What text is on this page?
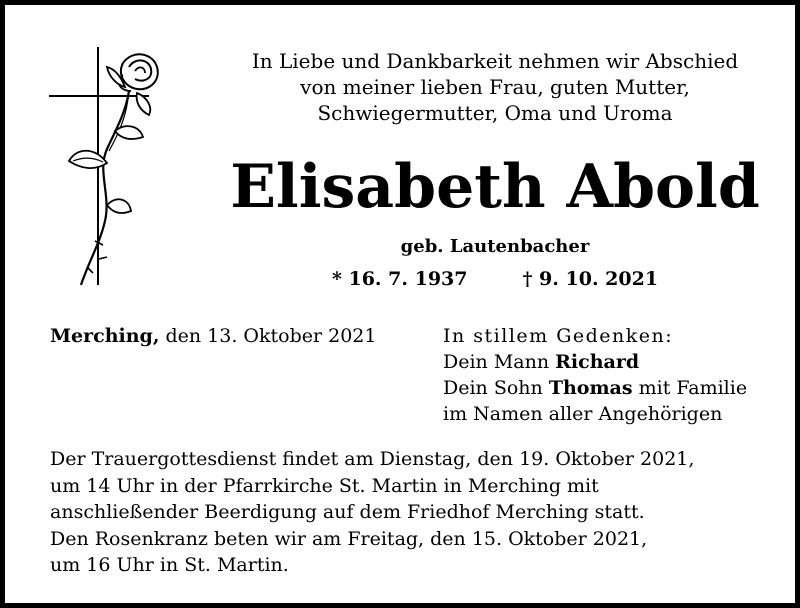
In Liebe und Dankbarkeit nehmen wir Abschied
von meiner lieben Frau, guten Mutter,
Schwiegermutter, Oma und Uroma
Elisabeth Abold
geb. Lautenbacher
* 16. 7. 1937	† 9. 10. 2021
Merching, den 13. Oktober 2021	In stillem Gedenken:
Dein Mann Richard
Dein Sohn Thomas mit Familie
im Namen aller Angehörigen
Der Trauergottesdienst findet am Dienstag, den 19. Oktober 2021,
um 14 Uhr in der Pfarrkirche St. Martin in Merching mit
anschließender Beerdigung auf dem Friedhof Merching statt.
Den Rosenkranz beten wir am Freitag, den 15. Oktober 2021,
um 16 Uhr in St. Martin.
